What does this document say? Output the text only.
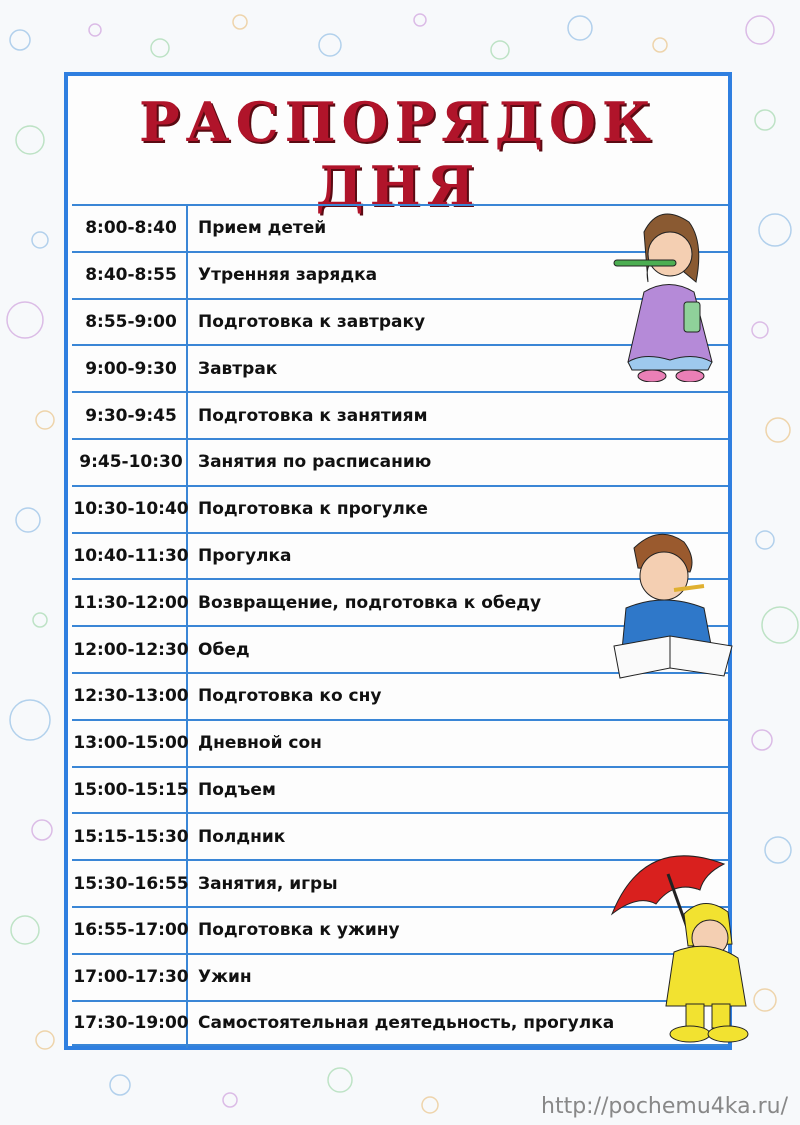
РАСПОРЯДОК ДНЯ
8:00-8:40	Прием детей
8:40-8:55	Утренняя зарядка
8:55-9:00	Подготовка к завтраку
9:00-9:30	Завтрак
9:30-9:45	Подготовка к занятиям
9:45-10:30 Занятия по расписанию
10:30-10:40 Подготовка к прогулке
10:40-11:30 Прогулка
11:30-12:00 Возвращение, подготовка к обеду
12:00-12:30 Обед
12:30-13:00 Подготовка ко сну
13:00-15:00 Дневной сон
15:00-15:15 Подъем
15:15-15:30 Полдник
15:30-16:55 Занятия, игры
16:55-17:00 Подготовка к ужину
17:00-17:30 Ужин
17:30-19:00 Самостоятельная деятедьность, прогулка
http://pochemu4ka.ru/
